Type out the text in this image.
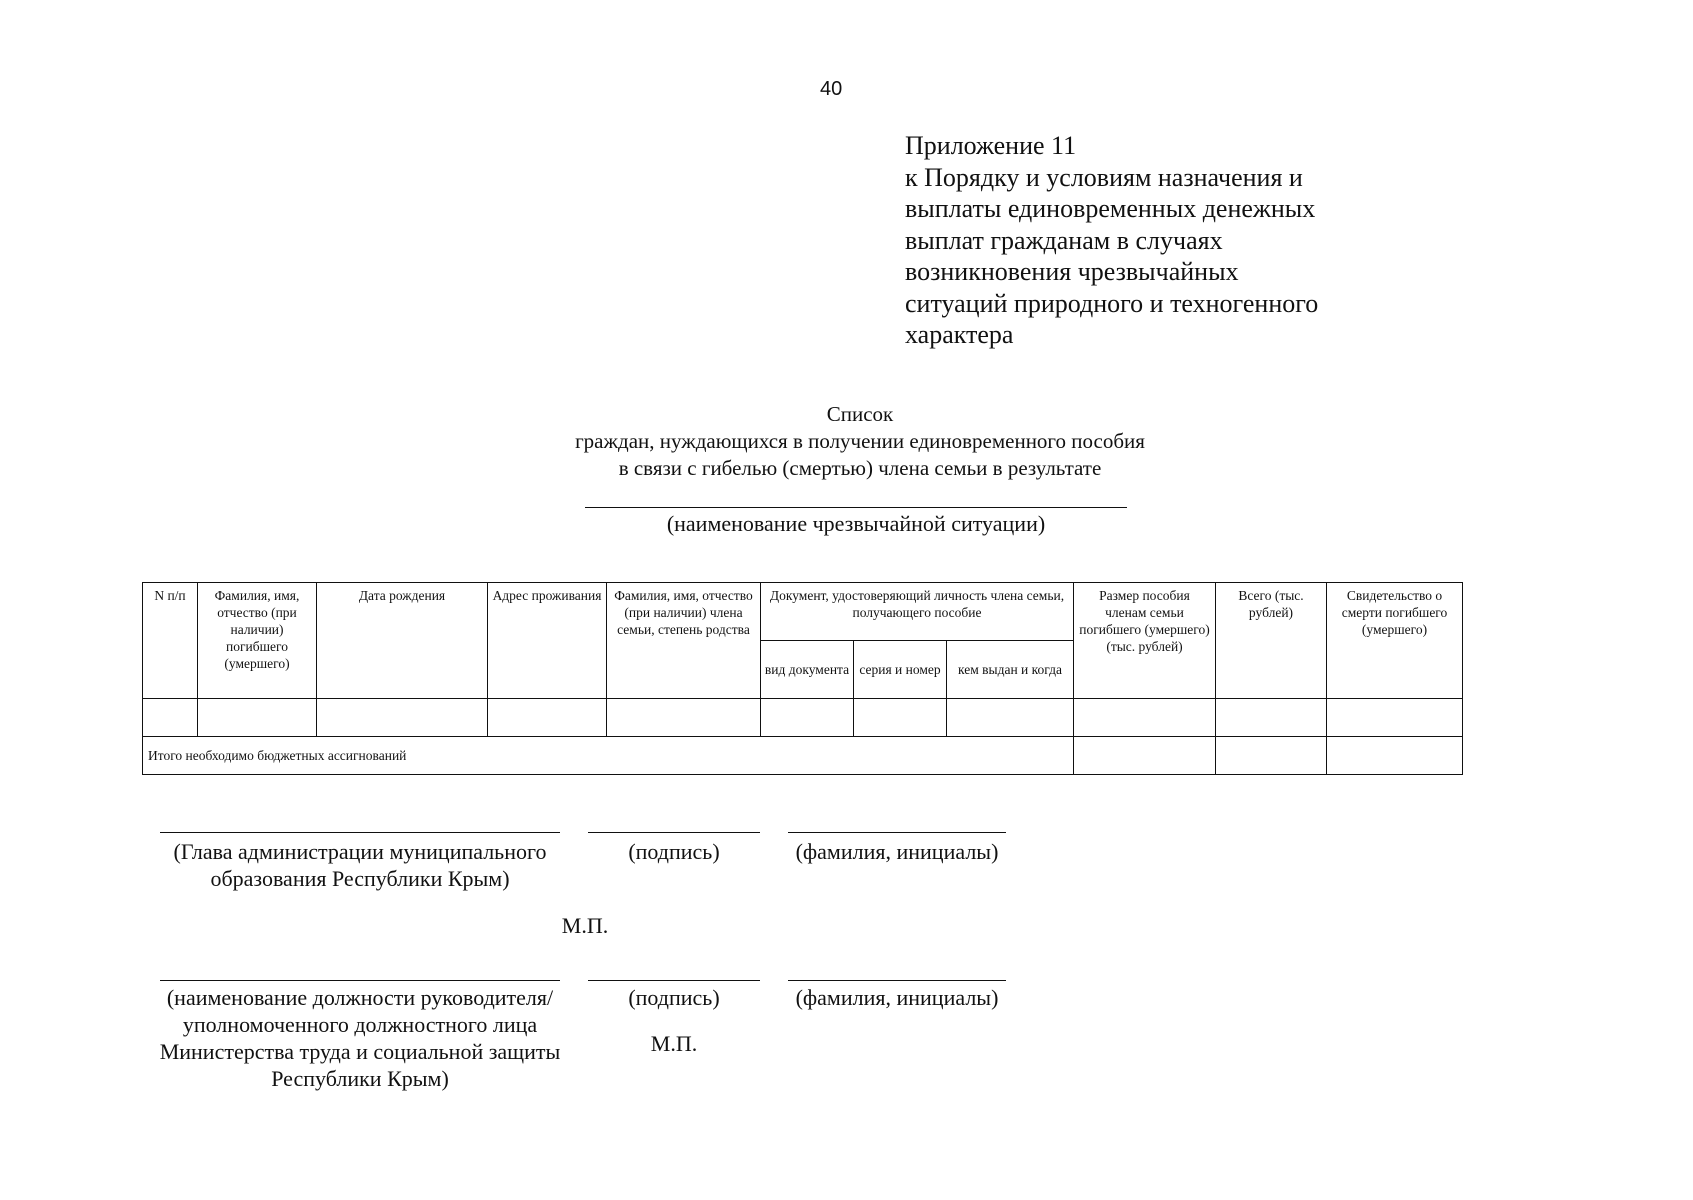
40
Приложение 11
к Порядку и условиям назначения и
выплаты единовременных денежных
выплат гражданам в случаях
возникновения чрезвычайных
ситуаций природного и техногенного
характера
Список
граждан, нуждающихся в получении единовременного пособия
в связи с гибелью (смертью) члена семьи в результате
(наименование чрезвычайной ситуации)
N п/п	Фамилия, имя, отчество (при наличии) погибшего (умершего)	Дата рождения	Адрес проживания	Фамилия, имя, отчество (при наличии) члена семьи, степень родства	Документ, удостоверяющий личность члена семьи, получающего пособие			Размер пособия членам семьи погибшего (умершего) (тыс. рублей)	Всего (тыс. рублей)	Свидетельство о смерти погибшего (умершего)
					вид документа	серия и номер	кем выдан и когда			

Итого необходимо бюджетных ассигнований										
(Глава администрации муниципального образования Республики Крым)
(подпись)	(фамилия, инициалы)
М.П.
(наименование должности руководителя/уполномоченного должностного лица Министерства труда и социальной защиты Республики Крым)
(подпись)	(фамилия, инициалы)
М.П.
